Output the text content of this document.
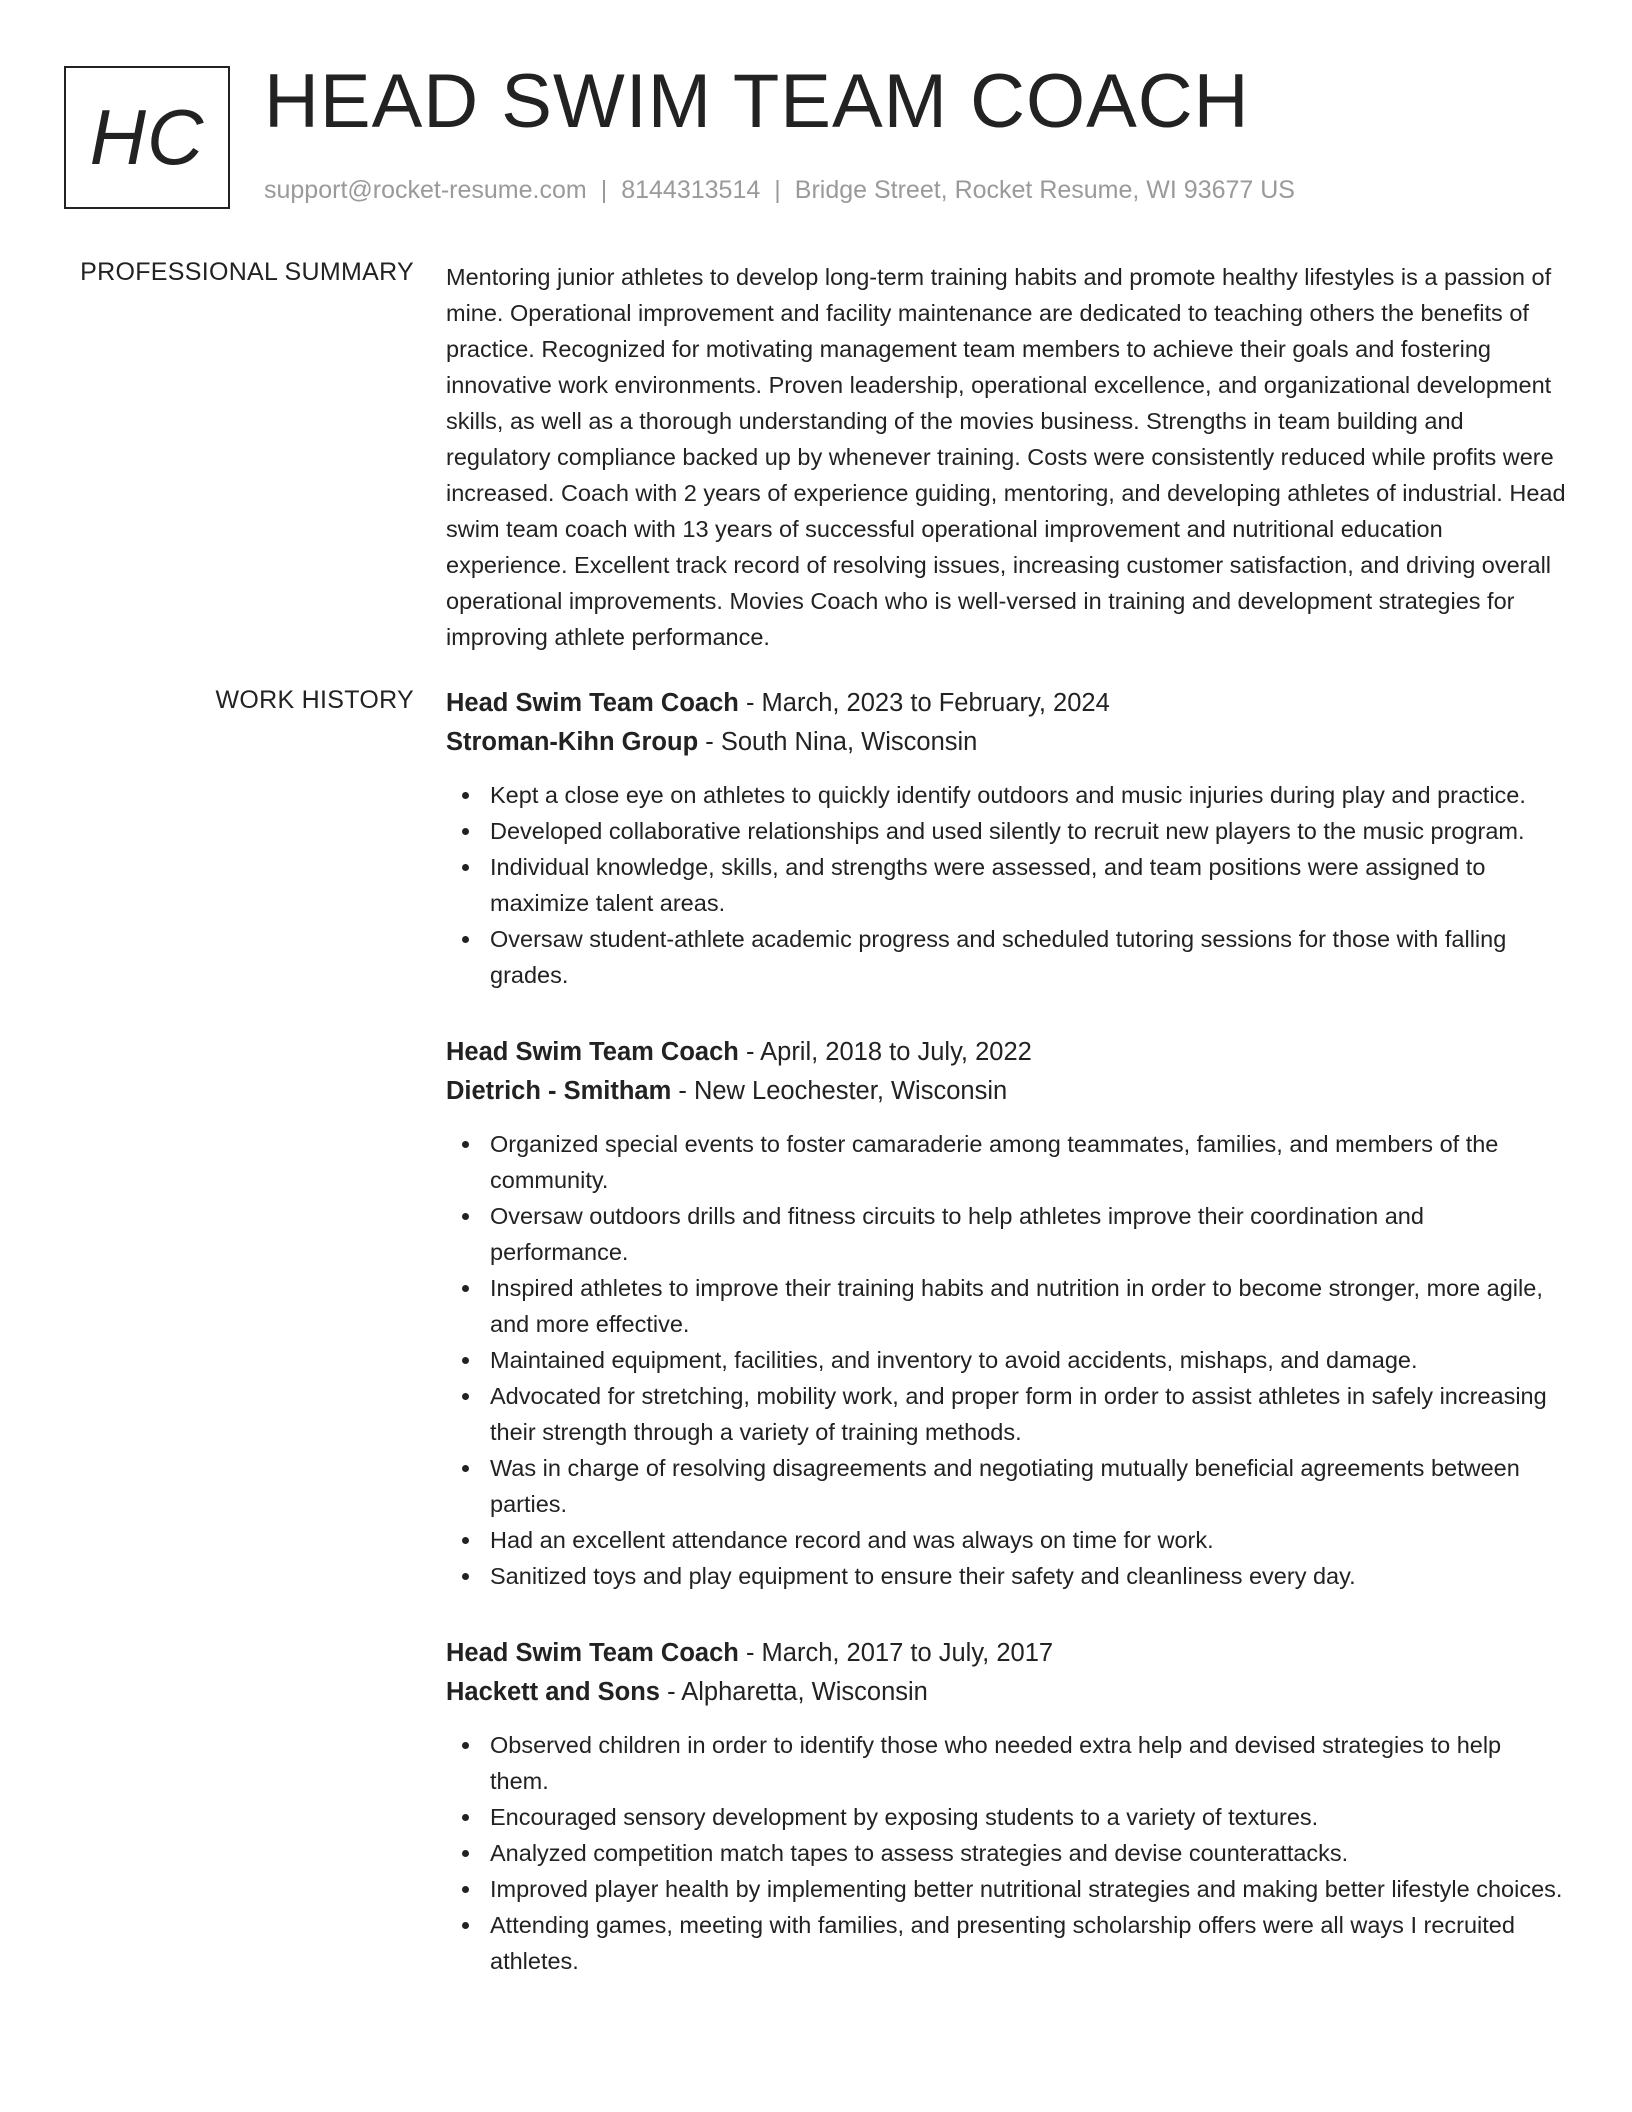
HC HEAD SWIM TEAM COACH
support@rocket-resume.com | 8144313514 | Bridge Street, Rocket Resume, WI 93677 US
PROFESSIONAL SUMMARY Mentoring junior athletes to develop long-term training habits and promote healthy lifestyles is a passion of mine. Operational improvement and facility maintenance are dedicated to teaching others the benefits of practice. Recognized for motivating management team members to achieve their goals and fostering innovative work environments. Proven leadership, operational excellence, and organizational development skills, as well as a thorough understanding of the movies business. Strengths in team building and regulatory compliance backed up by whenever training. Costs were consistently reduced while profits were increased. Coach with 2 years of experience guiding, mentoring, and developing athletes of industrial. Head swim team coach with 13 years of successful operational improvement and nutritional education experience. Excellent track record of resolving issues, increasing customer satisfaction, and driving overall operational improvements. Movies Coach who is well-versed in training and development strategies for improving athlete performance.

WORK HISTORY Head Swim Team Coach - March, 2023 to February, 2024
Stroman-Kihn Group - South Nina, Wisconsin
Kept a close eye on athletes to quickly identify outdoors and music injuries during play and practice.
Developed collaborative relationships and used silently to recruit new players to the music program.
Individual knowledge, skills, and strengths were assessed, and team positions were assigned to maximize talent areas.
Oversaw student-athlete academic progress and scheduled tutoring sessions for those with falling grades.
Head Swim Team Coach - April, 2018 to July, 2022
Dietrich - Smitham - New Leochester, Wisconsin
Organized special events to foster camaraderie among teammates, families, and members of the community.
Oversaw outdoors drills and fitness circuits to help athletes improve their coordination and performance.
Inspired athletes to improve their training habits and nutrition in order to become stronger, more agile, and more effective.
Maintained equipment, facilities, and inventory to avoid accidents, mishaps, and damage.
Advocated for stretching, mobility work, and proper form in order to assist athletes in safely increasing their strength through a variety of training methods.
Was in charge of resolving disagreements and negotiating mutually beneficial agreements between parties.
Had an excellent attendance record and was always on time for work.
Sanitized toys and play equipment to ensure their safety and cleanliness every day.
Head Swim Team Coach - March, 2017 to July, 2017
Hackett and Sons - Alpharetta, Wisconsin
Observed children in order to identify those who needed extra help and devised strategies to help them.
Encouraged sensory development by exposing students to a variety of textures.
Analyzed competition match tapes to assess strategies and devise counterattacks.
Improved player health by implementing better nutritional strategies and making better lifestyle choices.
Attending games, meeting with families, and presenting scholarship offers were all ways I recruited athletes.
